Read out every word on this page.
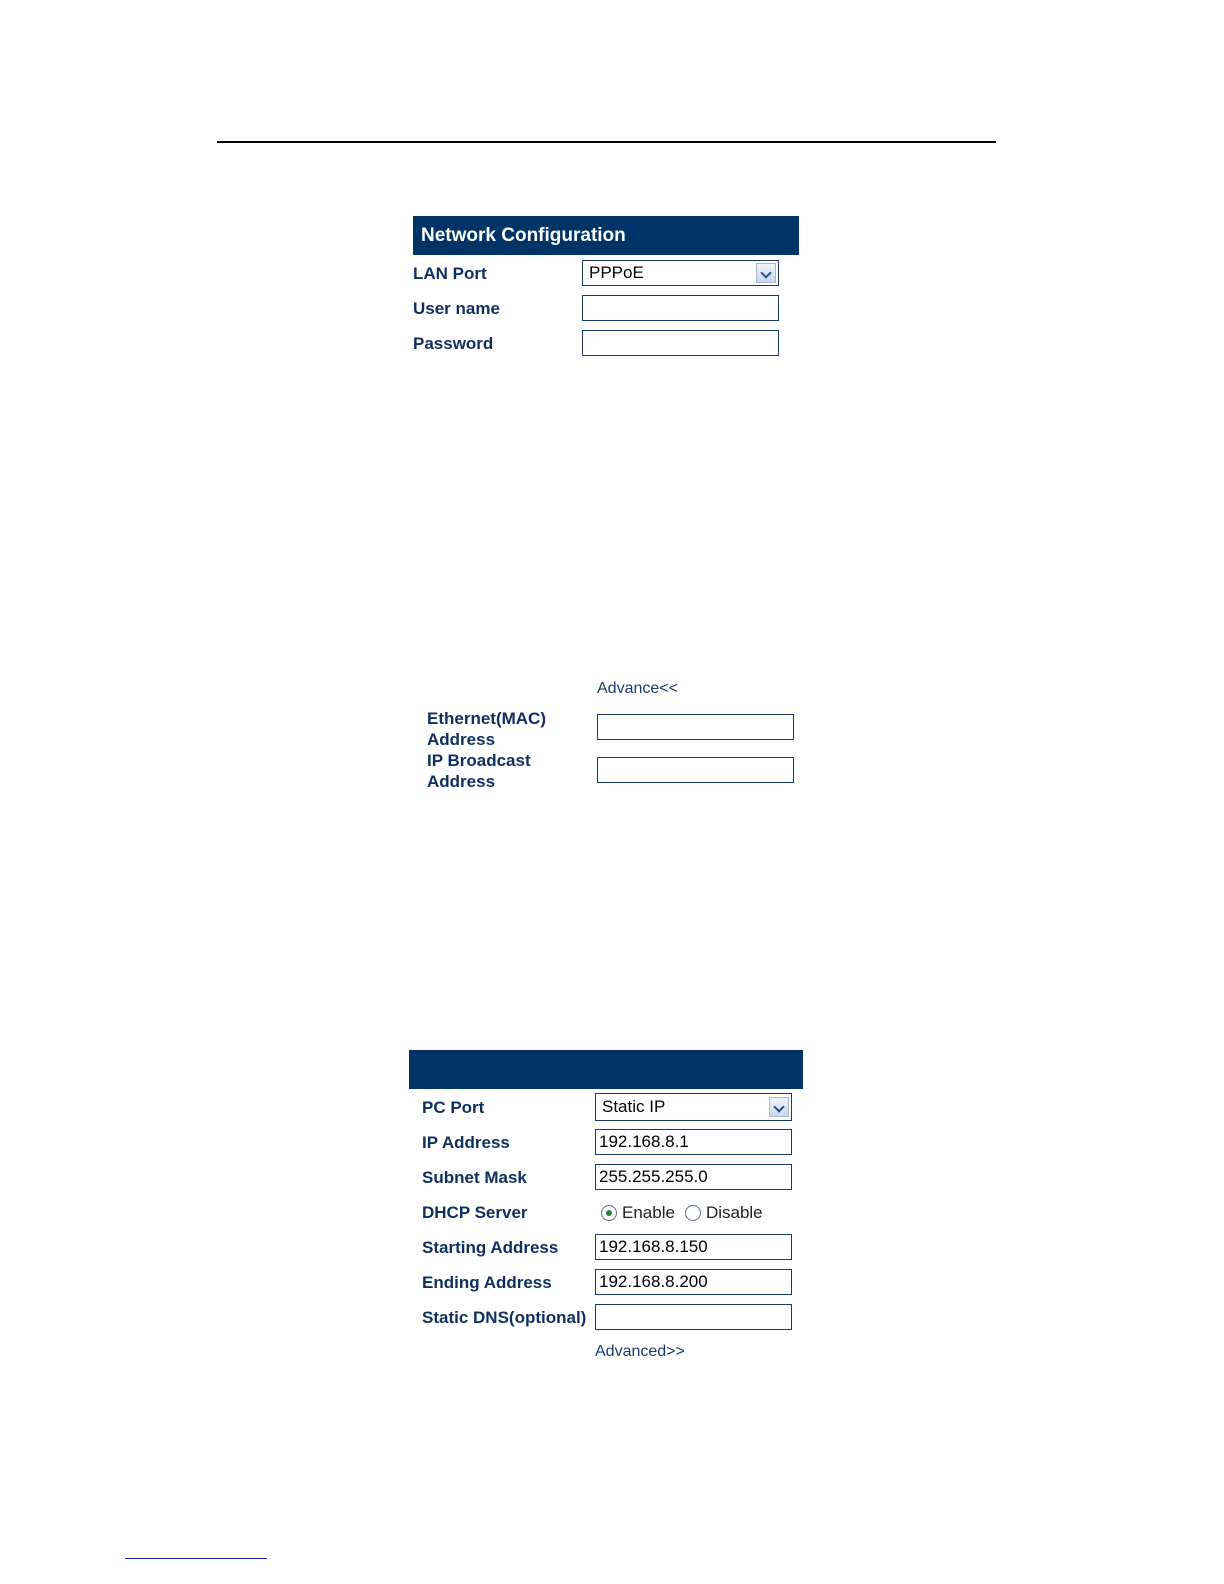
Network Configuration
LAN Port	PPPoE
User name
Password
Advance<<
Ethernet(MAC)
Address
IP Broadcast
Address
PC Port	Static IP
IP Address	192.168.8.1
Subnet Mask	255.255.255.0
DHCP Server	Enable Disable
Starting Address 192.168.8.150
Ending Address	192.168.8.200
Static DNS(optional)
Advanced>>
